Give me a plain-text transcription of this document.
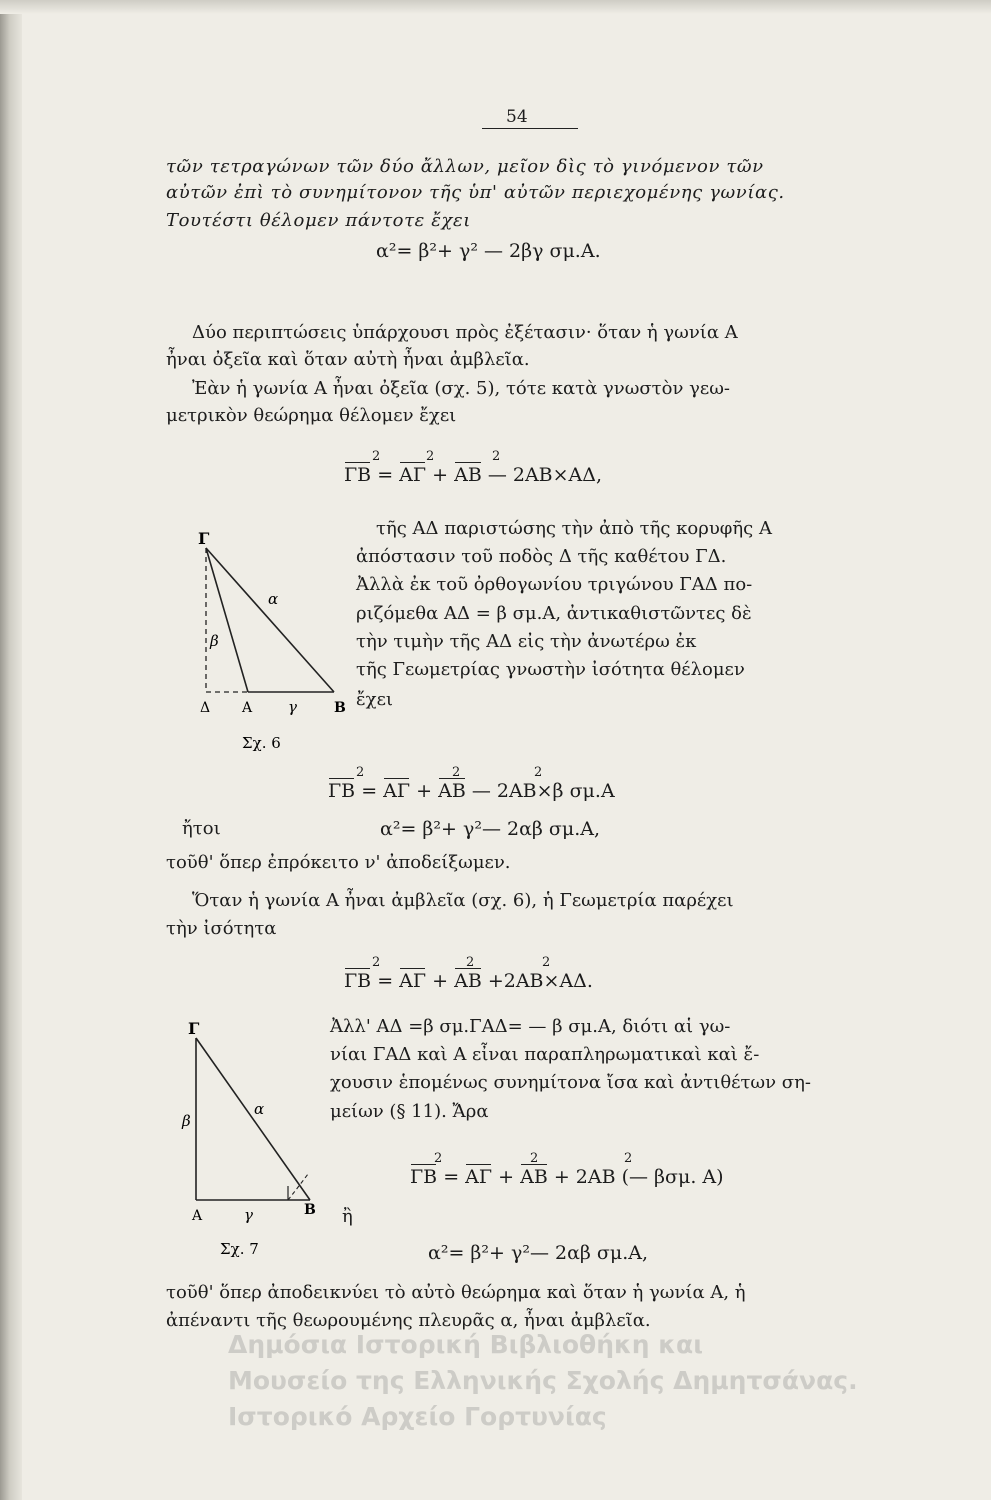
54
τῶν τετραγώνων τῶν δύο ἄλλων, μεῖον δὶς τὸ γινόμενον τῶν
αὐτῶν ἐπὶ τὸ συνημίτονον τῆς ὑπ' αὐτῶν περιεχομένης γωνίας.
Τουτέστι θέλομεν πάντοτε ἔχει
α²= β²+ γ² — 2βγ σμ.Α.
Δύο περιπτώσεις ὑπάρχουσι πρὸς ἐξέτασιν· ὅταν ἡ γωνία Α
ἦναι ὀξεῖα καὶ ὅταν αὐτὴ ἦναι ἀμβλεῖα.
Ἐὰν ἡ γωνία Α ἦναι ὀξεῖα (σχ. 5), τότε κατὰ γνωστὸν γεω-
μετρικὸν θεώρημα θέλομεν ἔχει
ΓΒ = ΑΓ + ΑΒ — 2ΑΒ×ΑΔ,
2	2	2
τῆς ΑΔ παριστώσης τὴν ἀπὸ τῆς κορυφῆς Α
ἀπόστασιν τοῦ ποδὸς Δ τῆς καθέτου ΓΔ.
Ἀλλὰ ἐκ τοῦ ὀρθογωνίου τριγώνου ΓΑΔ πο-
ριζόμεθα ΑΔ = β σμ.Α, ἀντικαθιστῶντες δὲ
τὴν τιμὴν τῆς ΑΔ εἰς τὴν ἀνωτέρω ἐκ
τῆς Γεωμετρίας γνωστὴν ἰσότητα θέλομεν
ἔχει
Γ
Δ Α γ	Β
α
β
Σχ. 6
ΓΒ = ΑΓ + ΑΒ — 2ΑΒ×β σμ.Α
2	2	2
ἤτοι	α²= β²+ γ²— 2αβ σμ.Α,
τοῦθ' ὅπερ ἐπρόκειτο ν' ἀποδείξωμεν.
Ὅταν ἡ γωνία Α ἦναι ἀμβλεῖα (σχ. 6), ἡ Γεωμετρία παρέχει
τὴν ἰσότητα
ΓΒ = ΑΓ + ΑΒ +2ΑΒ×ΑΔ.
2	2	2
Ἀλλ' ΑΔ =β σμ.ΓΑΔ= — β σμ.Α, διότι αἱ γω-
νίαι ΓΑΔ καὶ Α εἶναι παραπληρωματικαὶ καὶ ἔ-
χουσιν ἑπομένως συνημίτονα ἴσα καὶ ἀντιθέτων ση-
μείων (§ 11). Ἄρα
ΓΒ = ΑΓ + ΑΒ + 2ΑΒ (— βσμ. Α)
2	2	2
ἢ
α²= β²+ γ²— 2αβ σμ.Α,
Γ
β
α
Α	γ	Β
Σχ. 7
τοῦθ' ὅπερ ἀποδεικνύει τὸ αὐτὸ θεώρημα καὶ ὅταν ἡ γωνία Α, ἡ
ἀπέναντι τῆς θεωρουμένης πλευρᾶς α, ἦναι ἀμβλεῖα.
Δημόσια Ιστορική Βιβλιοθήκη και
Μουσείο της Ελληνικής Σχολής Δημητσάνας.
Ιστορικό Αρχείο Γορτυνίας
